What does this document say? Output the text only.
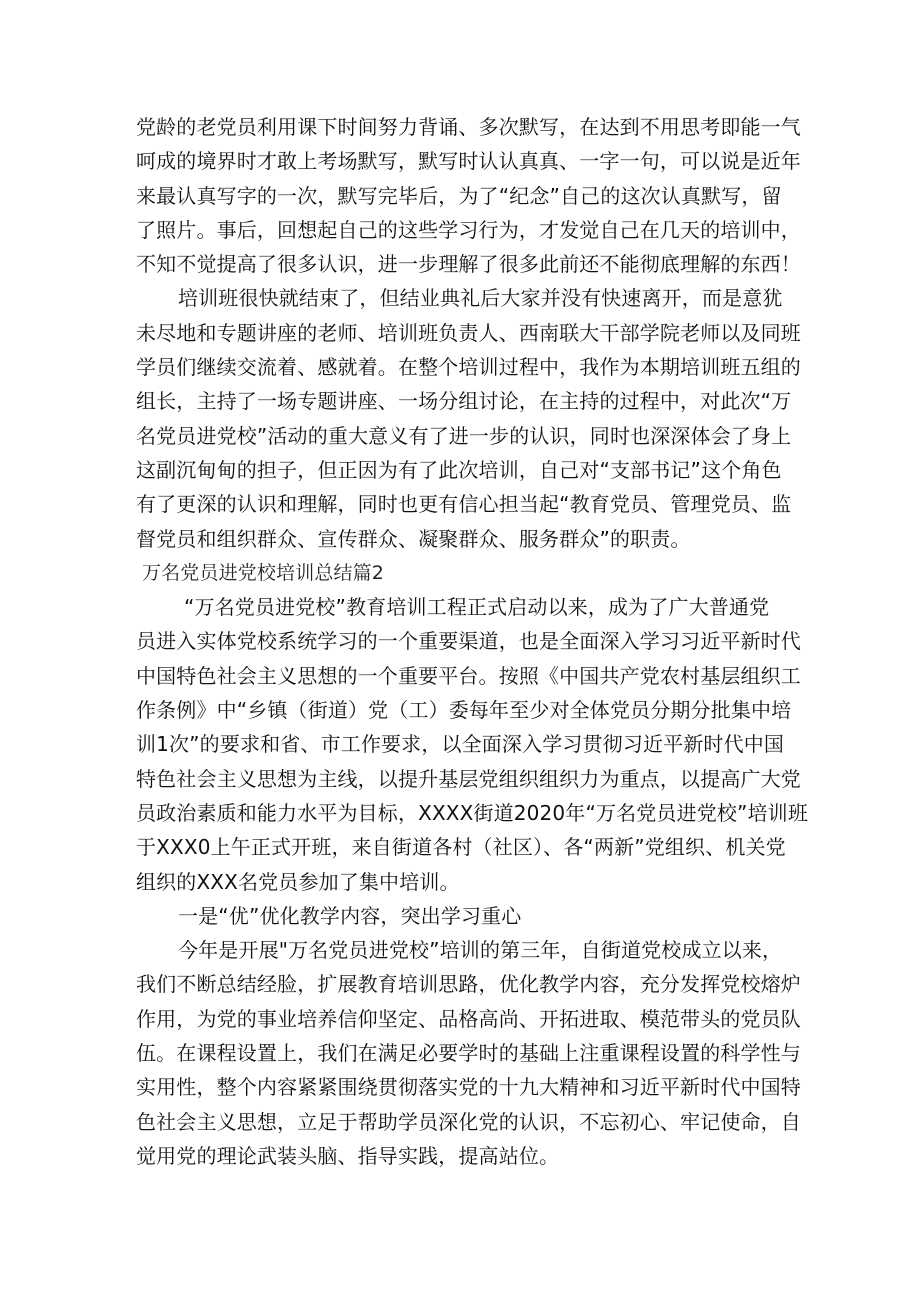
党龄的老党员利用课下时间努力背诵、多次默写，在达到不用思考即能一气
呵成的境界时才敢上考场默写，默写时认认真真、一字一句，可以说是近年
来最认真写字的一次，默写完毕后，为了“纪念”自己的这次认真默写，留
了照片。事后，回想起自己的这些学习行为，才发觉自己在几天的培训中，
不知不觉提高了很多认识，进一步理解了很多此前还不能彻底理解的东西！
培训班很快就结束了，但结业典礼后大家并没有快速离开，而是意犹
未尽地和专题讲座的老师、培训班负责人、西南联大干部学院老师以及同班
学员们继续交流着、感就着。在整个培训过程中，我作为本期培训班五组的
组长，主持了一场专题讲座、一场分组讨论，在主持的过程中，对此次“万
名党员进党校”活动的重大意义有了进一步的认识，同时也深深体会了身上
这副沉甸甸的担子，但正因为有了此次培训，自己对“支部书记”这个角色
有了更深的认识和理解，同时也更有信心担当起“教育党员、管理党员、监
督党员和组织群众、宣传群众、凝聚群众、服务群众”的职责。
万名党员进党校培训总结篇2
“万名党员进党校”教育培训工程正式启动以来，成为了广大普通党
员进入实体党校系统学习的一个重要渠道，也是全面深入学习习近平新时代
中国特色社会主义思想的一个重要平台。按照《中国共产党农村基层组织工
作条例》中“乡镇（街道）党（工）委每年至少对全体党员分期分批集中培
训1次”的要求和省、市工作要求，以全面深入学习贯彻习近平新时代中国
特色社会主义思想为主线，以提升基层党组织组织力为重点，以提高广大党
员政治素质和能力水平为目标，XXXX街道2020年“万名党员进党校”培训班
于XXX0上午正式开班，来自街道各村（社区）、各“两新”党组织、机关党
组织的XXX名党员参加了集中培训。
一是“优”优化教学内容，突出学习重心
今年是开展"万名党员进党校”培训的第三年，自街道党校成立以来，
我们不断总结经脸，扩展教育培训思路，优化教学内容，充分发挥党校熔炉
作用，为党的事业培养信仰坚定、品格高尚、开拓进取、模范带头的党员队
伍。在课程设置上，我们在满足必要学时的基础上注重课程设置的科学性与
实用性，整个内容紧紧围绕贯彻落实党的十九大精神和习近平新时代中国特
色社会主义思想，立足于帮助学员深化党的认识，不忘初心、牢记使命，自
觉用党的理论武装头脑、指导实践，提高站位。
